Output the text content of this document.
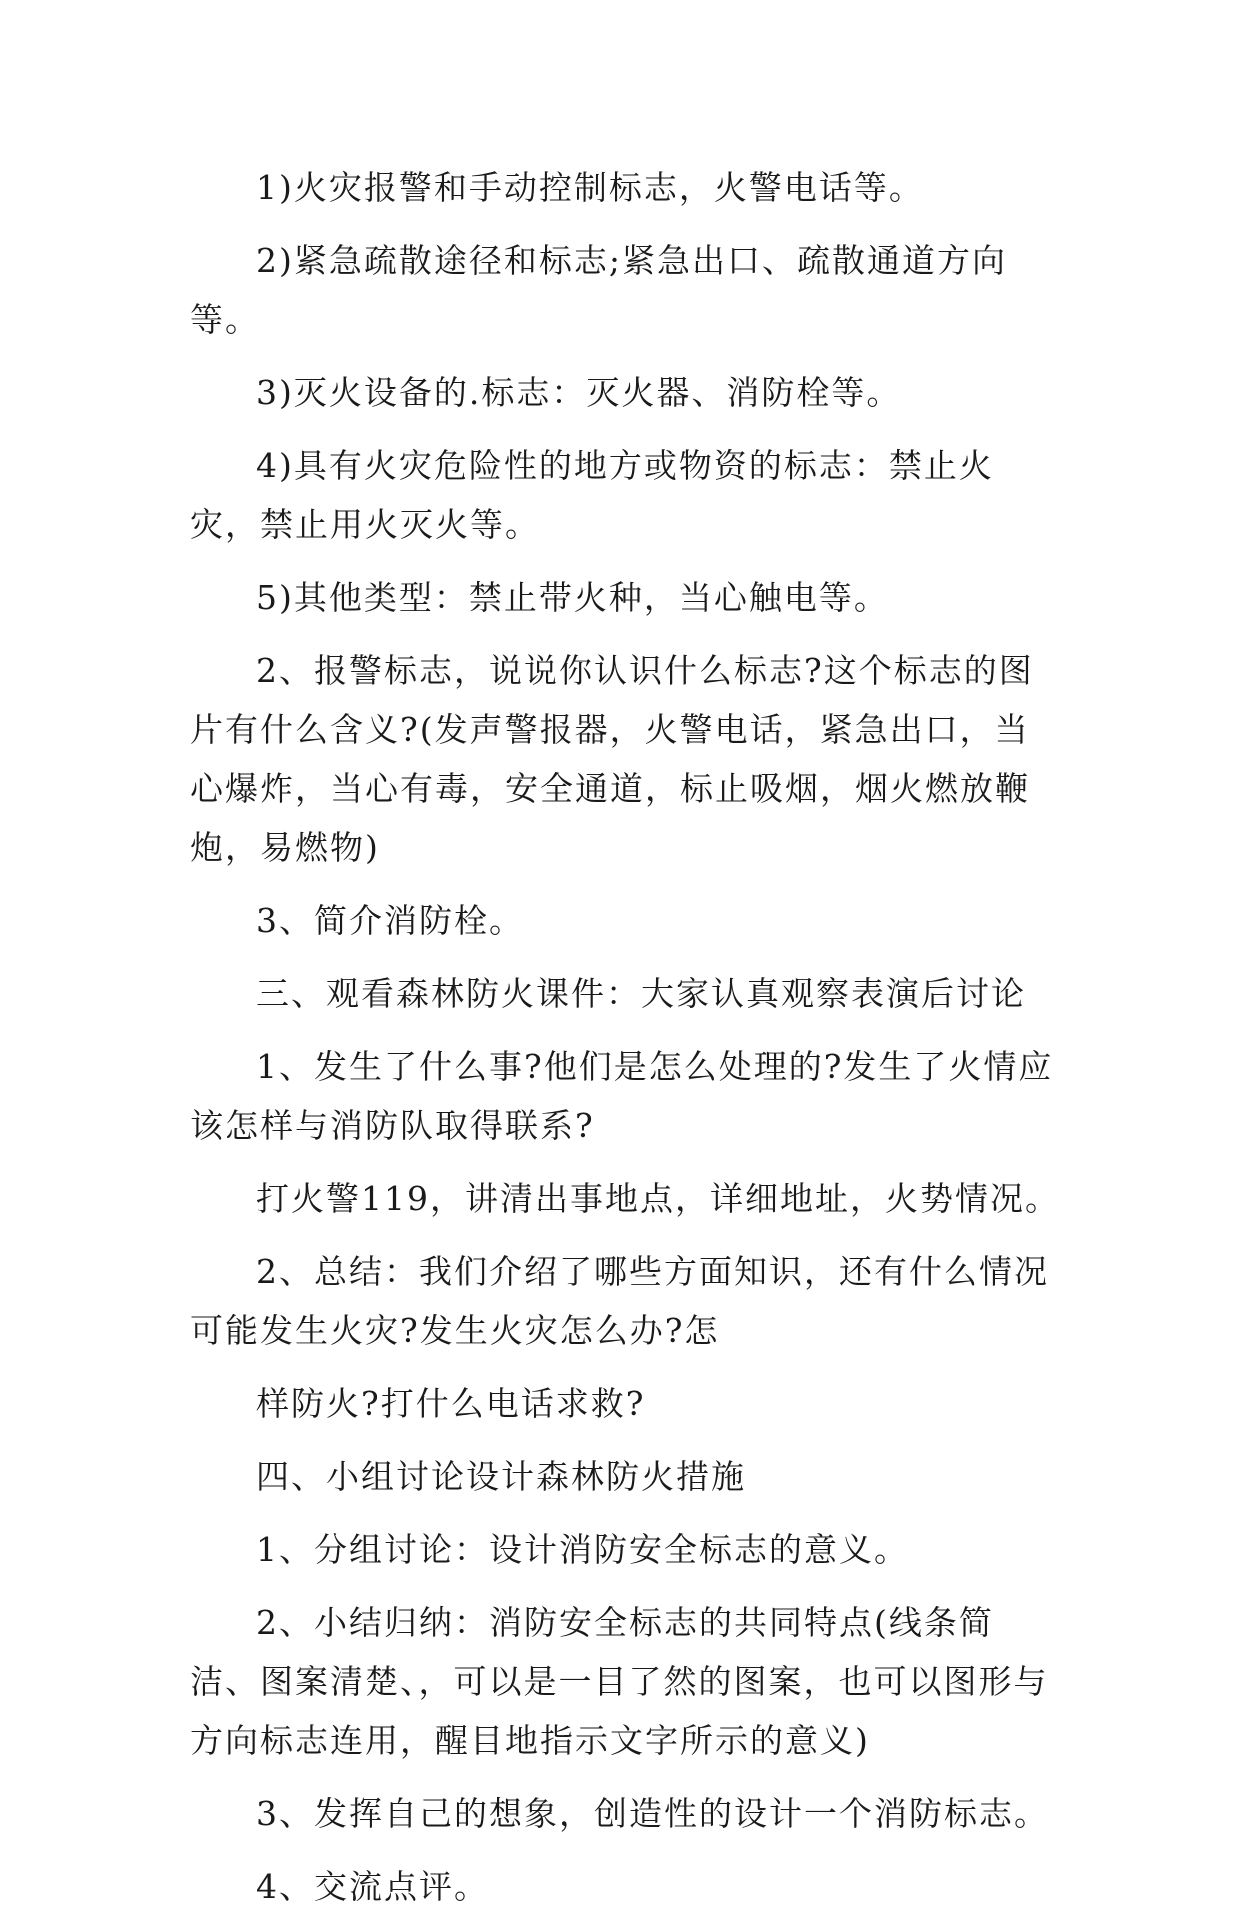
1)火灾报警和手动控制标志，火警电话等。

2)紧急疏散途径和标志;紧急出口、疏散通道方向等。

3)灭火设备的.标志：灭火器、消防栓等。

4)具有火灾危险性的地方或物资的标志：禁止火灾，禁止用火灭火等。

5)其他类型：禁止带火种，当心触电等。

2、报警标志，说说你认识什么标志?这个标志的图片有什么含义?(发声警报器，火警电话，紧急出口，当心爆炸，当心有毒，安全通道，标止吸烟，烟火燃放鞭炮，易燃物)

3、简介消防栓。

三、观看森林防火课件：大家认真观察表演后讨论

1、发生了什么事?他们是怎么处理的?发生了火情应该怎样与消防队取得联系?

打火警119，讲清出事地点，详细地址，火势情况。

2、总结：我们介绍了哪些方面知识，还有什么情况可能发生火灾?发生火灾怎么办?怎

样防火?打什么电话求救?

四、小组讨论设计森林防火措施

1、分组讨论：设计消防安全标志的意义。

2、小结归纳：消防安全标志的共同特点(线条简洁、图案清楚、，可以是一目了然的图案，也可以图形与方向标志连用，醒目地指示文字所示的意义)

3、发挥自己的想象，创造性的设计一个消防标志。

4、交流点评。
